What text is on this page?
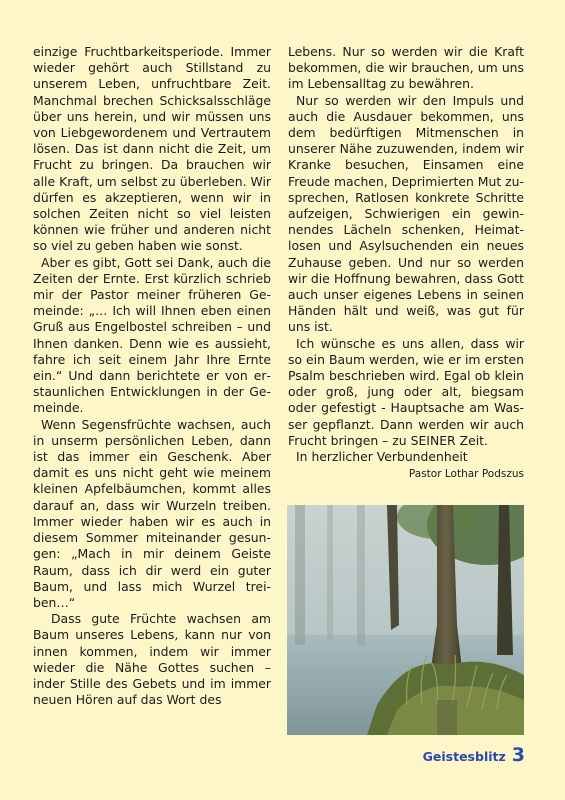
einzige Fruchtbarkeitsperiode. Immer wieder gehört auch Stillstand zu unserem Leben, unfruchtbare Zeit. Manchmal brechen Schicksalsschläge über uns herein, und wir müssen uns von Liebgewordenem und Vertrautem lösen. Das ist dann nicht die Zeit, um Frucht zu bringen. Da brauchen wir alle Kraft, um selbst zu überleben. Wir dürfen es akzeptieren, wenn wir in solchen Zeiten nicht so viel leisten können wie früher und anderen nicht so viel zu geben haben wie sonst.

Aber es gibt, Gott sei Dank, auch die Zeiten der Ernte. Erst kürzlich schrieb mir der Pastor meiner früheren Gemeinde: „… Ich will Ihnen eben einen Gruß aus Engelbostel schreiben – und Ihnen danken. Denn wie es aussieht, fahre ich seit einem Jahr Ihre Ernte ein.“ Und dann berichtete er von erstaunlichen Entwicklungen in der Gemeinde.

Wenn Segensfrüchte wachsen, auch in unserm persönlichen Leben, dann ist das immer ein Geschenk. Aber damit es uns nicht geht wie meinem kleinen Apfelbäumchen, kommt alles darauf an, dass wir Wurzeln treiben. Immer wieder haben wir es auch in diesem Sommer miteinander gesungen: „Mach in mir deinem Geiste Raum, dass ich dir werd ein guter Baum, und lass mich Wurzel treiben…“

Dass gute Früchte wachsen am Baum unseres Lebens, kann nur von innen kommen, indem wir immer wieder die Nähe Gottes suchen – inder Stille des Gebets und im immer neuen Hören auf das Wort des

Lebens. Nur so werden wir die Kraft bekommen, die wir brauchen, um uns im Lebensalltag zu bewähren.

Nur so werden wir den Impuls und auch die Ausdauer bekommen, uns dem bedürftigen Mitmenschen in unserer Nähe zuzuwenden, indem wir Kranke besuchen, Einsamen eine Freude machen, Deprimierten Mut zusprechen, Ratlosen konkrete Schritte aufzeigen, Schwierigen ein gewinnendes Lächeln schenken, Heimatlosen und Asylsuchenden ein neues Zuhause geben. Und nur so werden wir die Hoffnung bewahren, dass Gott auch unser eigenes Lebens in seinen Händen hält und weiß, was gut für uns ist.

Ich wünsche es uns allen, dass wir so ein Baum werden, wie er im ersten Psalm beschrieben wird. Egal ob klein oder groß, jung oder alt, biegsam oder gefestigt - Hauptsache am Wasser gepflanzt. Dann werden wir auch Frucht bringen – zu SEINER Zeit.

In herzlicher Verbundenheit

Pastor Lothar Podszus
Geistesblitz 3
